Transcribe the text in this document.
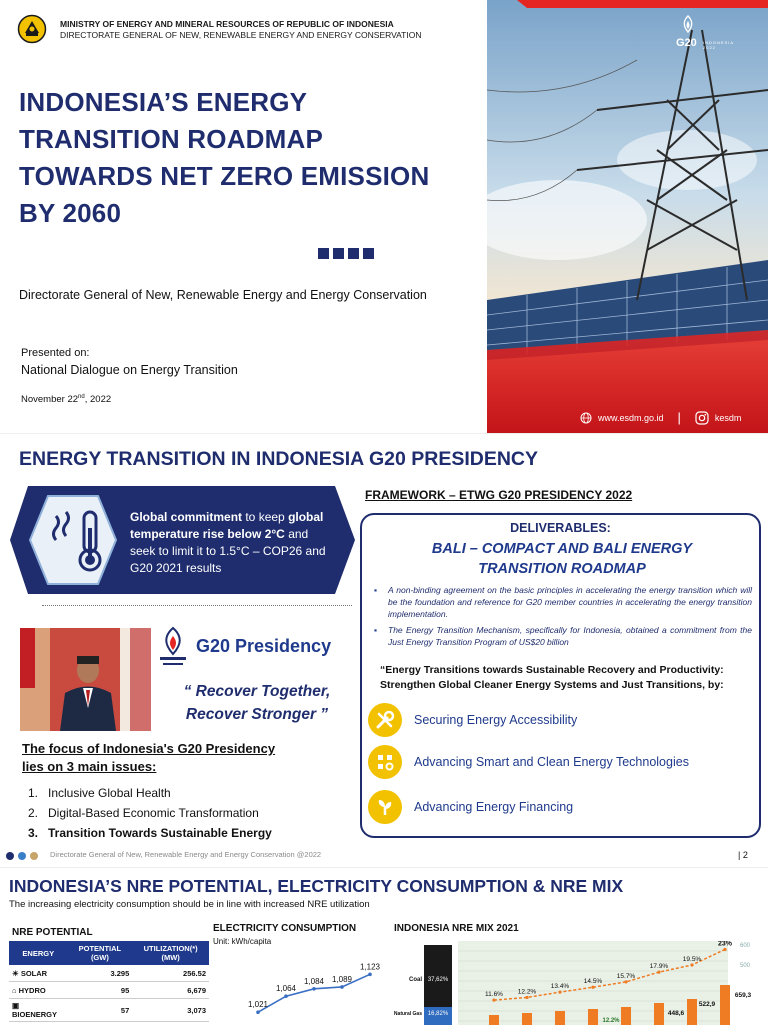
MINISTRY OF ENERGY AND MINERAL RESOURCES OF REPUBLIC OF INDONESIA
DIRECTORATE GENERAL OF NEW, RENEWABLE ENERGY AND ENERGY CONSERVATION
INDONESIA’S ENERGY
TRANSITION ROADMAP
TOWARDS NET ZERO EMISSION
BY 2060
Directorate General of New, Renewable Energy and Energy Conservation
Presented on:
National Dialogue on Energy Transition
November 22nd, 2022
G20 INDONESIA 2022
www.esdm.go.id |	kesdm
ENERGY TRANSITION IN INDONESIA G20 PRESIDENCY
Global commitment to keep global temperature rise below 2°C and seek to limit it to 1.5°C – COP26 and G20 2021 results
G20 Presidency
“ Recover Together,
Recover Stronger ”
The focus of Indonesia's G20 Presidency
lies on 3 main issues:
1. Inclusive Global Health
2. Digital-Based Economic Transformation
3. Transition Towards Sustainable Energy
FRAMEWORK – ETWG G20 PRESIDENCY 2022
DELIVERABLES:
BALI – COMPACT AND BALI ENERGY
TRANSITION ROADMAP
▪ A non-binding agreement on the basic principles in accelerating the energy transition which will be the foundation and reference for G20 member countries in accelerating the energy transition implementation.
▪ The Energy Transition Mechanism, specifically for Indonesia, obtained a commitment from the Just Energy Transition Program of US$20 billion
“Energy Transitions towards Sustainable Recovery and Productivity: Strengthen Global Cleaner Energy Systems and Just Transitions, by:
Securing Energy Accessibility
Advancing Smart and Clean Energy Technologies
Advancing Energy Financing
Directorate General of New, Renewable Energy and Energy Conservation @2022	| 2
INDONESIA’S NRE POTENTIAL, ELECTRICITY CONSUMPTION & NRE MIX
The increasing electricity consumption should be in line with increased NRE utilization
NRE POTENTIAL
ENERGY	POTENTIAL (GW)	UTILIZATION(*) (MW)
☀ SOLAR	3.295	256.52
⌂ HYDRO	95	6,679
▣ BIOENERGY	57	3,073
ELECTRICITY CONSUMPTION
Unit: kWh/capita
1,021
1,064
1,084 1,089
1,123
INDONESIA NRE MIX 2021
Coal 37,62%
Natural Gas 16,82%
11.6% 12.2%
13.4%
14.5%
15.7%
17.9%
19.5%
23%
448,6
522,9
659,3
12.2%
500
600
